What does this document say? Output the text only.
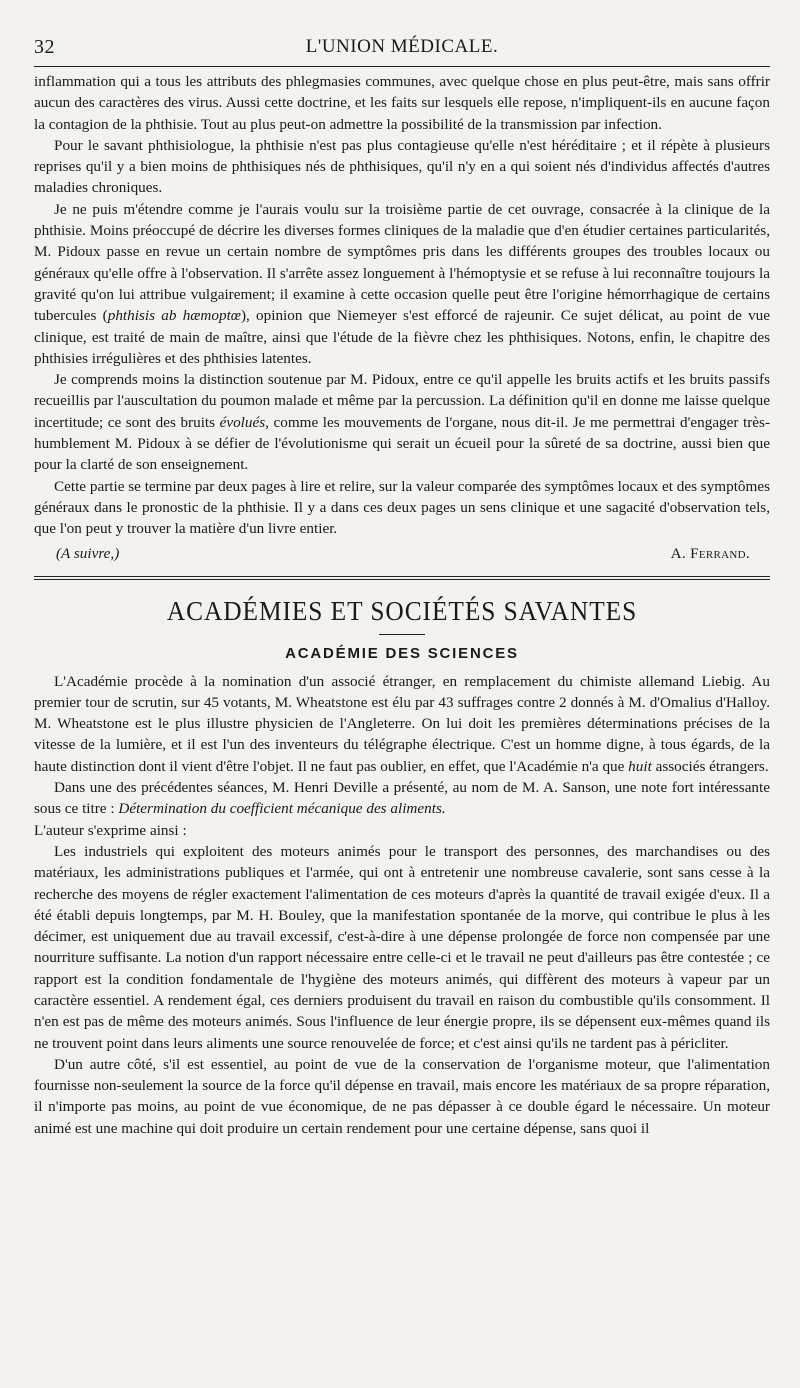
32	L'UNION MÉDICALE.

inflammation qui a tous les attributs des phlegmasies communes, avec quelque chose en plus peut-être, mais sans offrir aucun des caractères des virus. Aussi cette doctrine, et les faits sur lesquels elle repose, n'impliquent-ils en aucune façon la contagion de la phthisie. Tout au plus peut-on admettre la possibilité de la transmission par infection.

Pour le savant phthisiologue, la phthisie n'est pas plus contagieuse qu'elle n'est héréditaire ; et il répète à plusieurs reprises qu'il y a bien moins de phthisiques nés de phthisiques, qu'il n'y en a qui soient nés d'individus affectés d'autres maladies chroniques.

Je ne puis m'étendre comme je l'aurais voulu sur la troisième partie de cet ouvrage, consacrée à la clinique de la phthisie. Moins préoccupé de décrire les diverses formes cliniques de la maladie que d'en étudier certaines particularités, M. Pidoux passe en revue un certain nombre de symptômes pris dans les différents groupes des troubles locaux ou généraux qu'elle offre à l'observation. Il s'arrête assez longuement à l'hémoptysie et se refuse à lui reconnaître toujours la gravité qu'on lui attribue vulgairement; il examine à cette occasion quelle peut être l'origine hémorrhagique de certains tubercules (phthisis ab hæmoptœ), opinion que Niemeyer s'est efforcé de rajeunir. Ce sujet délicat, au point de vue clinique, est traité de main de maître, ainsi que l'étude de la fièvre chez les phthisiques. Notons, enfin, le chapitre des phthisies irrégulières et des phthisies latentes.

Je comprends moins la distinction soutenue par M. Pidoux, entre ce qu'il appelle les bruits actifs et les bruits passifs recueillis par l'auscultation du poumon malade et même par la percussion. La définition qu'il en donne me laisse quelque incertitude; ce sont des bruits évolués, comme les mouvements de l'organe, nous dit-il. Je me permettrai d'engager très-humblement M. Pidoux à se défier de l'évolutionisme qui serait un écueil pour la sûreté de sa doctrine, aussi bien que pour la clarté de son enseignement.

Cette partie se termine par deux pages à lire et relire, sur la valeur comparée des symptômes locaux et des symptômes généraux dans le pronostic de la phthisie. Il y a dans ces deux pages un sens clinique et une sagacité d'observation tels, que l'on peut y trouver la matière d'un livre entier.

(A suivre,)	A. Ferrand.
ACADÉMIES ET SOCIÉTÉS SAVANTES
ACADÉMIE DES SCIENCES

L'Académie procède à la nomination d'un associé étranger, en remplacement du chimiste allemand Liebig. Au premier tour de scrutin, sur 45 votants, M. Wheatstone est élu par 43 suffrages contre 2 donnés à M. d'Omalius d'Halloy. M. Wheatstone est le plus illustre physicien de l'Angleterre. On lui doit les premières déterminations précises de la vitesse de la lumière, et il est l'un des inventeurs du télégraphe électrique. C'est un homme digne, à tous égards, de la haute distinction dont il vient d'être l'objet. Il ne faut pas oublier, en effet, que l'Académie n'a que huit associés étrangers.

Dans une des précédentes séances, M. Henri Deville a présenté, au nom de M. A. Sanson, une note fort intéressante sous ce titre : Détermination du coefficient mécanique des aliments.

L'auteur s'exprime ainsi :

Les industriels qui exploitent des moteurs animés pour le transport des personnes, des marchandises ou des matériaux, les administrations publiques et l'armée, qui ont à entretenir une nombreuse cavalerie, sont sans cesse à la recherche des moyens de régler exactement l'alimentation de ces moteurs d'après la quantité de travail exigée d'eux. Il a été établi depuis longtemps, par M. H. Bouley, que la manifestation spontanée de la morve, qui contribue le plus à les décimer, est uniquement due au travail excessif, c'est-à-dire à une dépense prolongée de force non compensée par une nourriture suffisante. La notion d'un rapport nécessaire entre celle-ci et le travail ne peut d'ailleurs pas être contestée ; ce rapport est la condition fondamentale de l'hygiène des moteurs animés, qui diffèrent des moteurs à vapeur par un caractère essentiel. A rendement égal, ces derniers produisent du travail en raison du combustible qu'ils consomment. Il n'en est pas de même des moteurs animés. Sous l'influence de leur énergie propre, ils se dépensent eux-mêmes quand ils ne trouvent point dans leurs aliments une source renouvelée de force; et c'est ainsi qu'ils ne tardent pas à péricliter.

D'un autre côté, s'il est essentiel, au point de vue de la conservation de l'organisme moteur, que l'alimentation fournisse non-seulement la source de la force qu'il dépense en travail, mais encore les matériaux de sa propre réparation, il n'importe pas moins, au point de vue économique, de ne pas dépasser à ce double égard le nécessaire. Un moteur animé est une machine qui doit produire un certain rendement pour une certaine dépense, sans quoi il
